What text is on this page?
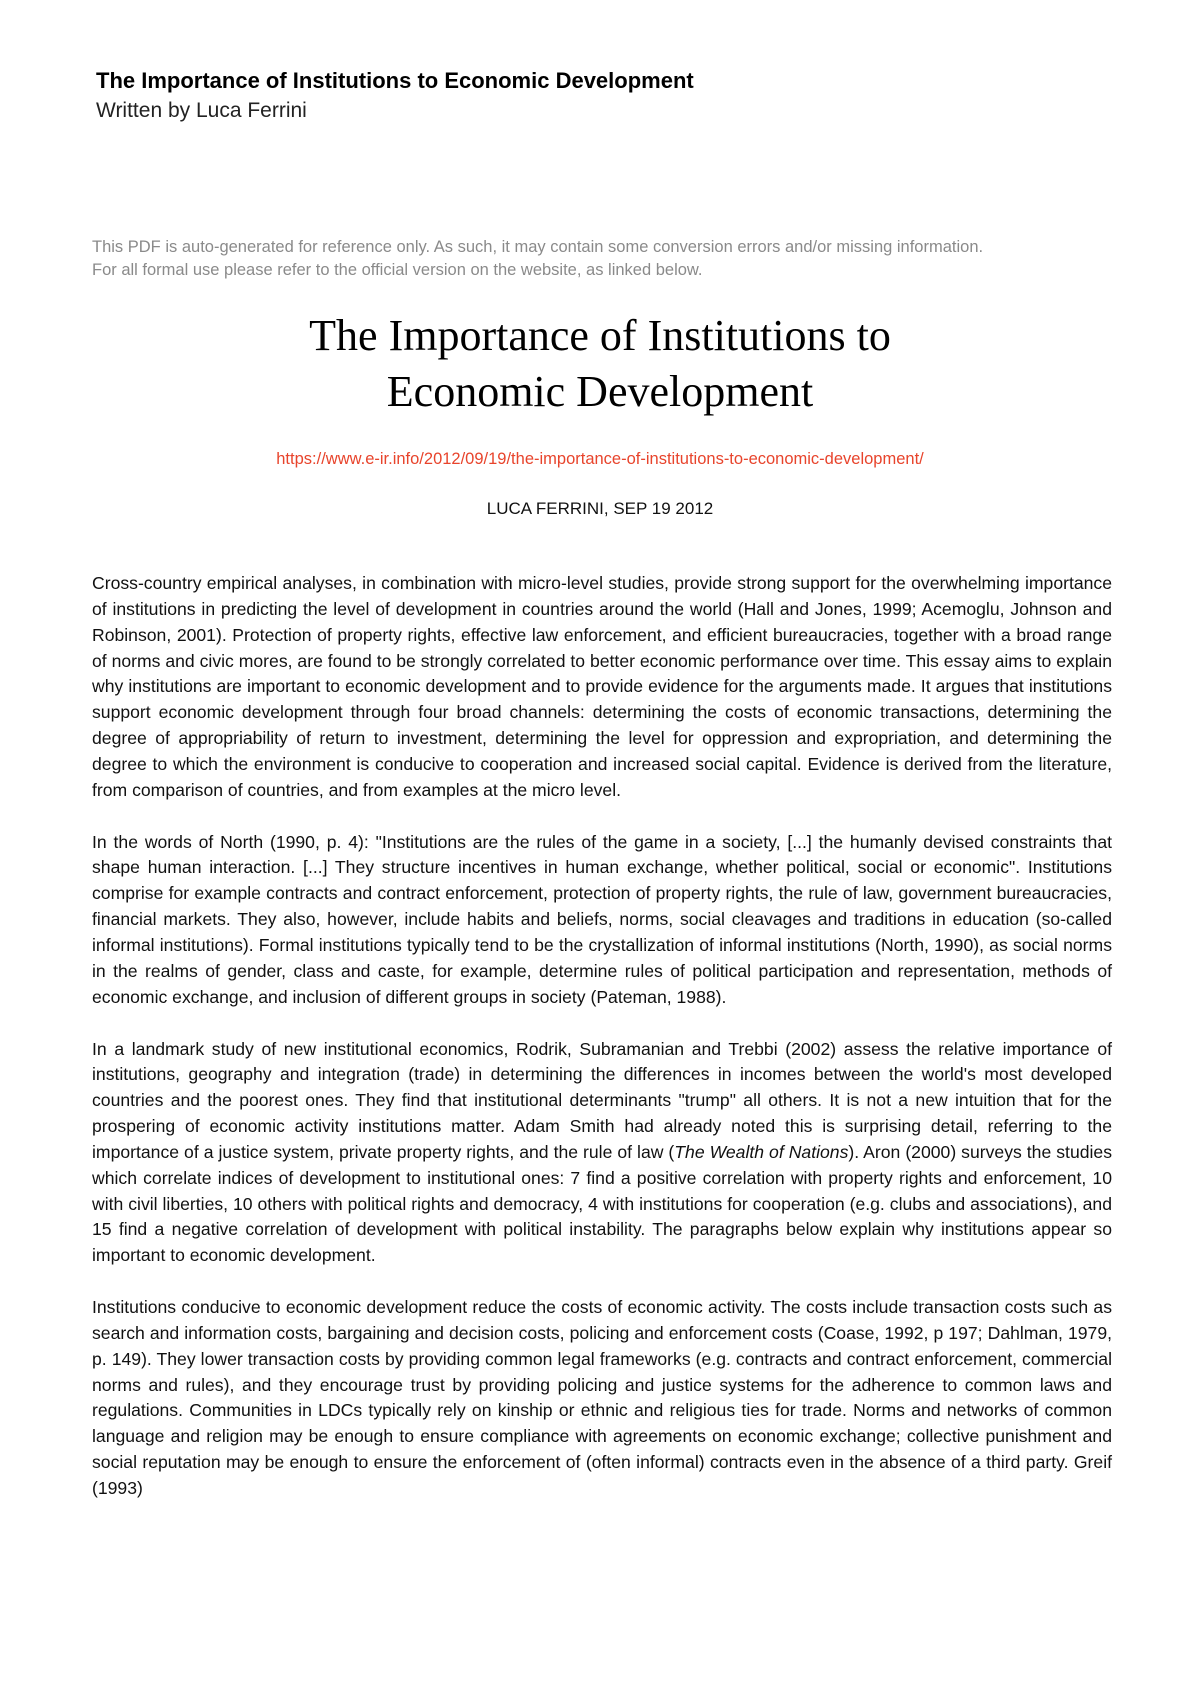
The Importance of Institutions to Economic Development
Written by Luca Ferrini
This PDF is auto-generated for reference only. As such, it may contain some conversion errors and/or missing information.
For all formal use please refer to the official version on the website, as linked below.
The Importance of Institutions to
Economic Development
https://www.e-ir.info/2012/09/19/the-importance-of-institutions-to-economic-development/
LUCA FERRINI, SEP 19 2012

Cross-country empirical analyses, in combination with micro-level studies, provide strong support for the overwhelming importance of institutions in predicting the level of development in countries around the world (Hall and Jones, 1999; Acemoglu, Johnson and Robinson, 2001). Protection of property rights, effective law enforcement, and efficient bureaucracies, together with a broad range of norms and civic mores, are found to be strongly correlated to better economic performance over time. This essay aims to explain why institutions are important to economic development and to provide evidence for the arguments made. It argues that institutions support economic development through four broad channels: determining the costs of economic transactions, determining the degree of appropriability of return to investment, determining the level for oppression and expropriation, and determining the degree to which the environment is conducive to cooperation and increased social capital. Evidence is derived from the literature, from comparison of countries, and from examples at the micro level.

In the words of North (1990, p. 4): "Institutions are the rules of the game in a society, [...] the humanly devised constraints that shape human interaction. [...] They structure incentives in human exchange, whether political, social or economic". Institutions comprise for example contracts and contract enforcement, protection of property rights, the rule of law, government bureaucracies, financial markets. They also, however, include habits and beliefs, norms, social cleavages and traditions in education (so-called informal institutions). Formal institutions typically tend to be the crystallization of informal institutions (North, 1990), as social norms in the realms of gender, class and caste, for example, determine rules of political participation and representation, methods of economic exchange, and inclusion of different groups in society (Pateman, 1988).

In a landmark study of new institutional economics, Rodrik, Subramanian and Trebbi (2002) assess the relative importance of institutions, geography and integration (trade) in determining the differences in incomes between the world's most developed countries and the poorest ones. They find that institutional determinants "trump" all others. It is not a new intuition that for the prospering of economic activity institutions matter. Adam Smith had already noted this is surprising detail, referring to the importance of a justice system, private property rights, and the rule of law (The Wealth of Nations). Aron (2000) surveys the studies which correlate indices of development to institutional ones: 7 find a positive correlation with property rights and enforcement, 10 with civil liberties, 10 others with political rights and democracy, 4 with institutions for cooperation (e.g. clubs and associations), and 15 find a negative correlation of development with political instability. The paragraphs below explain why institutions appear so important to economic development.

Institutions conducive to economic development reduce the costs of economic activity. The costs include transaction costs such as search and information costs, bargaining and decision costs, policing and enforcement costs (Coase, 1992, p 197; Dahlman, 1979, p. 149). They lower transaction costs by providing common legal frameworks (e.g. contracts and contract enforcement, commercial norms and rules), and they encourage trust by providing policing and justice systems for the adherence to common laws and regulations. Communities in LDCs typically rely on kinship or ethnic and religious ties for trade. Norms and networks of common language and religion may be enough to ensure compliance with agreements on economic exchange; collective punishment and social reputation may be enough to ensure the enforcement of (often informal) contracts even in the absence of a third party. Greif (1993)
